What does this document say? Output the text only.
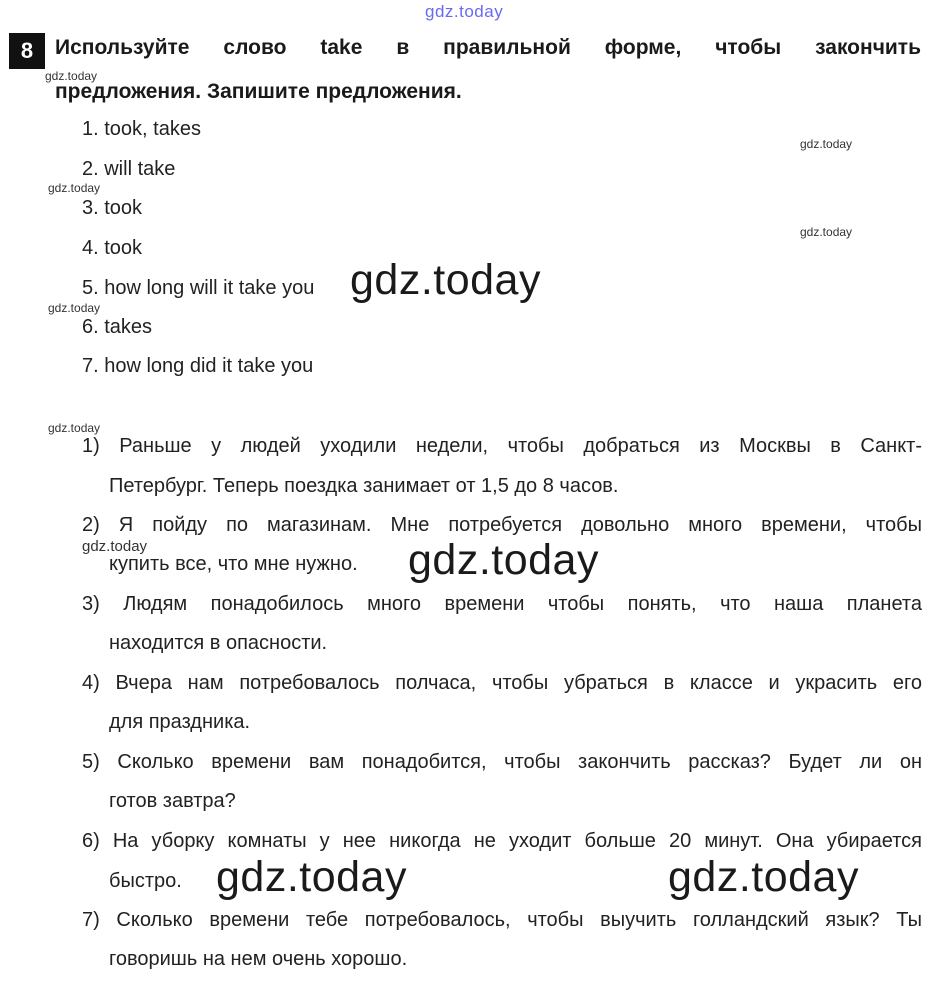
gdz.today
8	Используйте слово take в правильной форме, чтобы закончить
предложения. Запишите предложения.
1. took, takes
2. will take
3. took
4. took
5. how long will it take you
6. takes
7. how long did it take you
1) Раньше у людей уходили недели, чтобы добраться из Москвы в Санкт-
Петербург. Теперь поездка занимает от 1,5 до 8 часов.
2) Я пойду по магазинам. Мне потребуется довольно много времени, чтобы
купить все, что мне нужно.
3) Людям понадобилось много времени чтобы понять, что наша планета
находится в опасности.
4) Вчера нам потребовалось полчаса, чтобы убраться в классе и украсить его
для праздника.
5) Сколько времени вам понадобится, чтобы закончить рассказ? Будет ли он
готов завтра?
6) На уборку комнаты у нее никогда не уходит больше 20 минут. Она убирается
быстро.
7) Сколько времени тебе потребовалось, чтобы выучить голландский язык? Ты
говоришь на нем очень хорошо.
gdz.today
gdz.today
gdz.today
gdz.today
gdz.today
gdz.today
gdz.today
gdz.today
gdz.today
gdz.today	gdz.today
